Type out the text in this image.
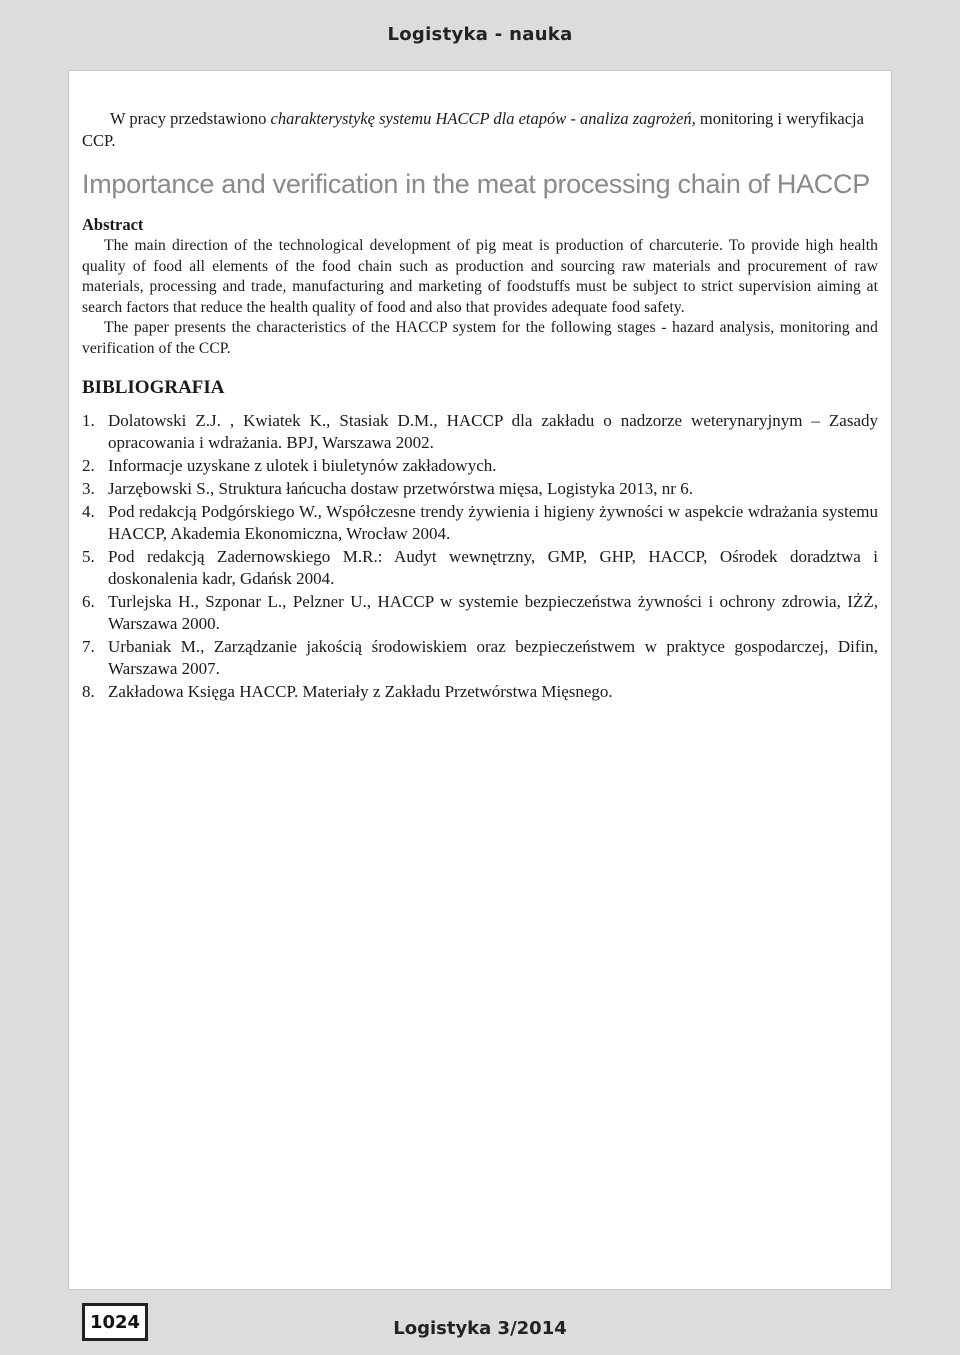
Logistyka - nauka

W pracy przedstawiono charakterystykę systemu HACCP dla etapów - analiza zagrożeń, monitoring i weryfikacja CCP.

Importance and verification in the meat processing chain of HACCP
Abstract

The main direction of the technological development of pig meat is production of charcuterie. To provide high health quality of food all elements of the food chain such as production and sourcing raw materials and procurement of raw materials, processing and trade, manufacturing and marketing of foodstuffs must be subject to strict supervision aiming at search factors that reduce the health quality of food and also that provides adequate food safety.

The paper presents the characteristics of the HACCP system for the following stages - hazard analysis, monitoring and verification of the CCP.

BIBLIOGRAFIA
1. Dolatowski Z.J. , Kwiatek K., Stasiak D.M., HACCP dla zakładu o nadzorze weterynaryjnym – Zasady opracowania i wdrażania. BPJ, Warszawa 2002.
2. Informacje uzyskane z ulotek i biuletynów zakładowych.
3. Jarzębowski S., Struktura łańcucha dostaw przetwórstwa mięsa, Logistyka 2013, nr 6.
4. Pod redakcją Podgórskiego W., Współczesne trendy żywienia i higieny żywności w aspekcie wdrażania systemu HACCP, Akademia Ekonomiczna, Wrocław 2004.
5. Pod redakcją Zadernowskiego M.R.: Audyt wewnętrzny, GMP, GHP, HACCP, Ośrodek doradztwa i doskonalenia kadr, Gdańsk 2004.
6. Turlejska H., Szponar L., Pelzner U., HACCP w systemie bezpieczeństwa żywności i ochrony zdrowia, IŻŻ, Warszawa 2000.
7. Urbaniak M., Zarządzanie jakością środowiskiem oraz bezpieczeństwem w praktyce gospodarczej, Difin, Warszawa 2007.
8. Zakładowa Księga HACCP. Materiały z Zakładu Przetwórstwa Mięsnego.
1024	Logistyka 3/2014
